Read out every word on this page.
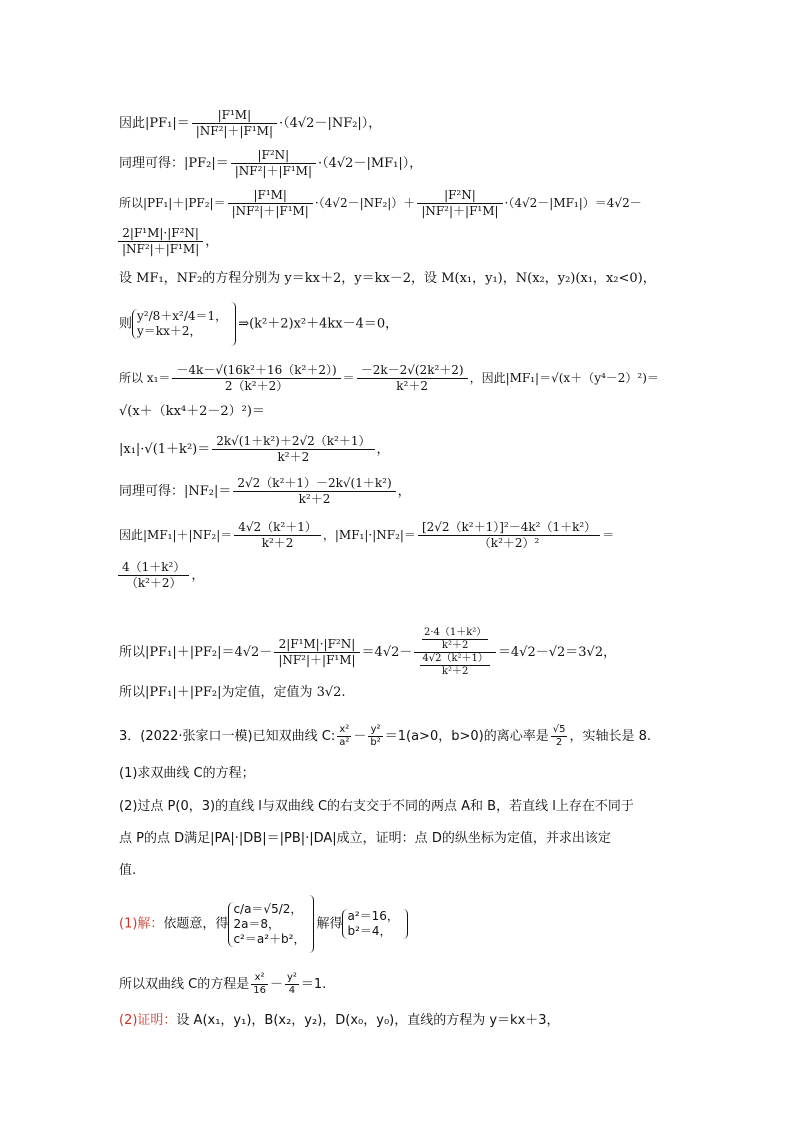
因此$|PF_1|= \frac{\text{|F¹M|}}{\text{|NF²|＋|F¹M|}} \cdot(4√2-|NF_2|)$，
同理可得：$|PF_2|= \frac{\text{|F²N|}}{\text{|NF²|＋|F¹M|}} \cdot(4√2-|MF_1|)$，
所以$|PF_1|+|PF_2|= \frac{\text{|F¹M|}}{\text{|NF²|＋|F¹M|}} \cdot(4√2-|NF_2|)+ \frac{\text{|F²N|}}{\text{|NF²|＋|F¹M|}} \cdot(4√2-|MF_1|)=4√2-$
$\frac{\text{2|F¹M|·|F²N|}}{\text{|NF²|＋|F¹M|}}$ ，
设 MF₁，NF₂的方程分别为 y＝kx＋2，y＝kx－2，设 M(x₁，y₁)，N(x₂，y₂)(x₁，x₂<0)，
则
y²/8＋x²/4＝1，
y＝kx＋2，	⇒(k²＋2)x²＋4kx－4＝0，
所以 $x_1= \frac{\text{－4k－√(16k²＋16（k²＋2）)}}{\text{2（k²＋2）}} = \frac{\text{－2k－2√(2k²＋2)}}{\text{k²＋2}}$ ，因此|MF₁|＝√(x＋（y⁴－2）²)＝
√(x＋（kx⁴＋2－2）²)＝
$|x_1|\cdot√(1+k^2)= \frac{\text{2k√(1＋k²)＋2√2（k²＋1）}}{\text{k²＋2}}$ ，
同理可得：$|NF_2|= \frac{\text{2√2（k²＋1）－2k√(1＋k²)}}{\text{k²＋2}}$ ，
因此$|MF_1|+|NF_2|= \frac{\text{4√2（k²＋1）}}{\text{k²＋2}}$ ，$|MF_1|\cdot|NF_2|= \frac{\text{[2√2（k²＋1）]²－4k²（1＋k²）}}{\text{（k²＋2）²}}$ ＝
$\frac{\text{4（1＋k²）}}{\text{（k²＋2）}}$ ，
所以$|PF_1|+|PF_2|=4√2- \frac{\text{2|F¹M|·|F²N|}}{\text{|NF²|＋|F¹M|}} =4√2- \frac{\frac{\text{2·4（1＋k²）}}{\text{k²＋2}}}{\frac{\text{4√2（k²＋1）}}{\text{k²＋2}}} =4√2-√2=3√2$，
所以|PF₁|＋|PF₂|为定值，定值为 3√2.
3．(2022·张家口一模)已知双曲线 C: $\frac{\text{x²}}{\text{a²}} - \frac{\text{y²}}{\text{b²}} =1(a>0$，b>0)的离心率是 $\frac{√5}{2}$ ，实轴长是 8.
(1)求双曲线 C的方程；
(2)过点 P(0，3)的直线 l与双曲线 C的右支交于不同的两点 A和 B，若直线 l上存在不同于
点 P的点 D满足|PA|·|DB|＝|PB|·|DA|成立，证明：点 D的纵坐标为定值，并求出该定
值.
(1)解：依题意，得
c/a＝√5/2，
2a＝8，
c²＝a²＋b²，
解得
a²＝16，
b²＝4，
所以双曲线 C的方程是 $\frac{\text{x²}}{16} - \frac{\text{y²}}{4} =1$.
(2)证明：设 A(x₁，y₁)，B(x₂，y₂)，D(x₀，y₀)，直线的方程为 y＝kx＋3，
